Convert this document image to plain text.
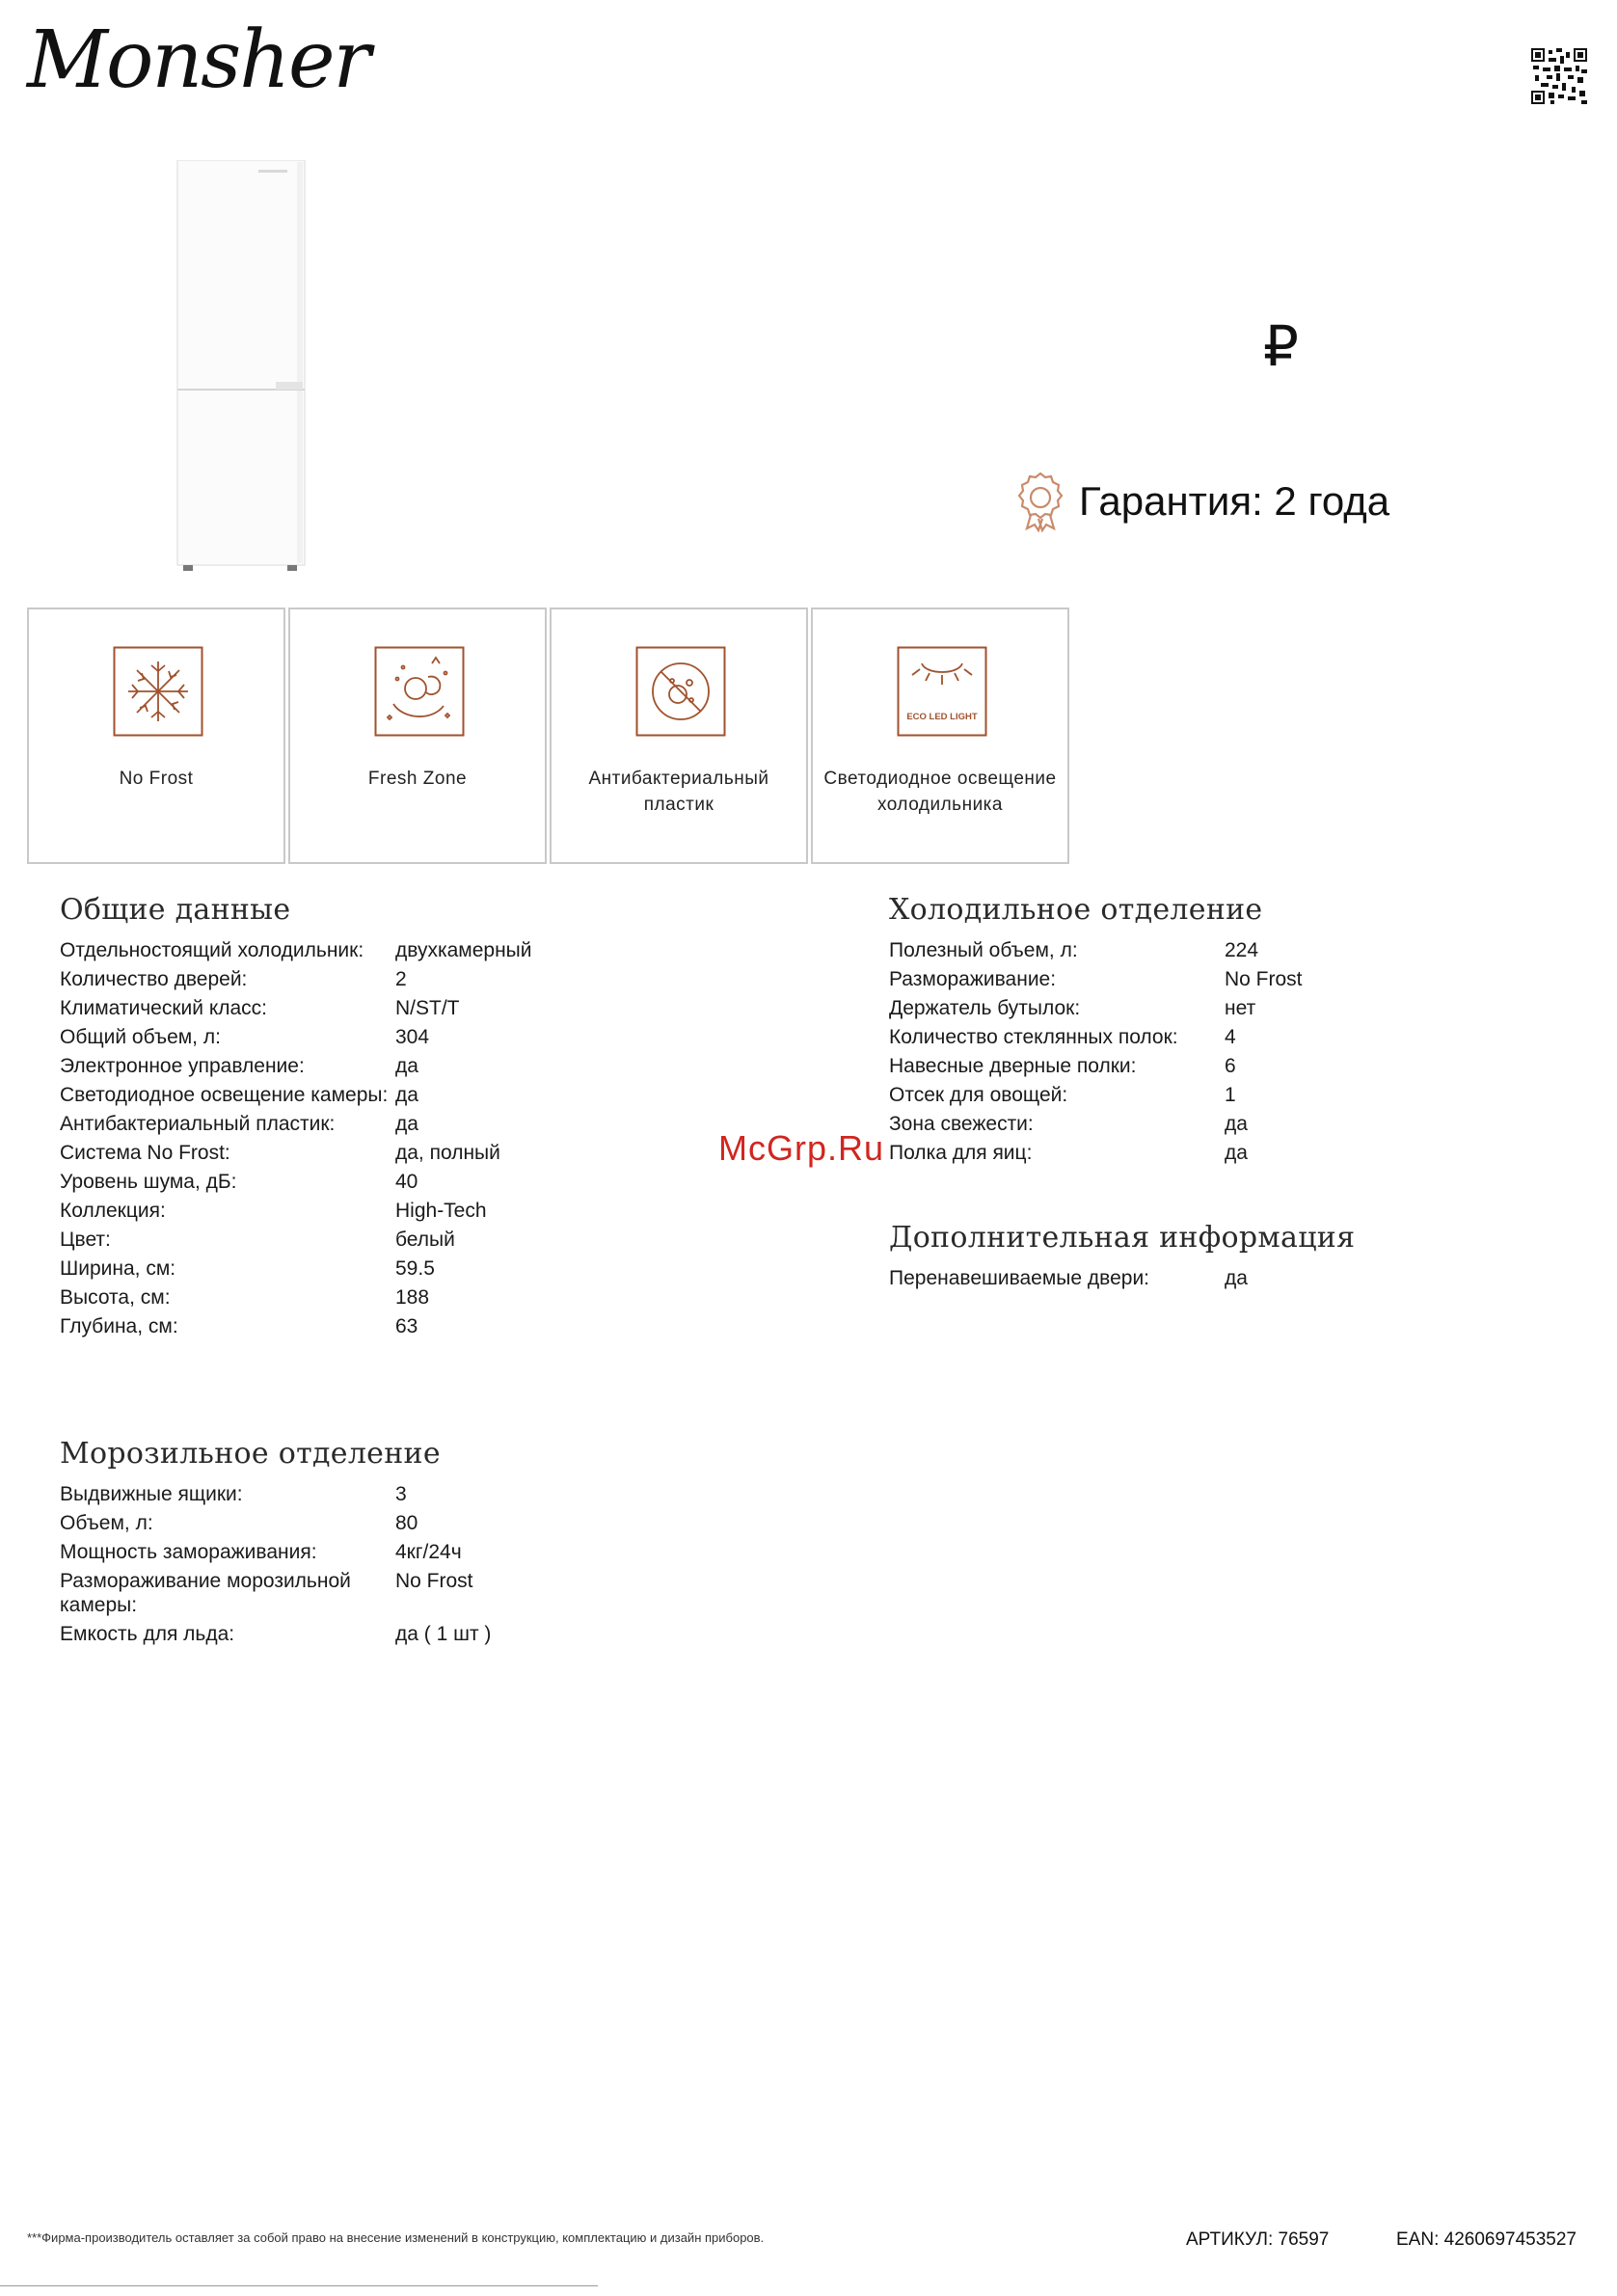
Monsher
₽
Гарантия: 2 года
No Frost	Fresh Zone	Антибактериальный пластик
ECO LED LIGHT
Светодиодное освещение холодильника
Общие данные
Отдельностоящий холодильник:	двухкамерный
Количество дверей:	2
Климатический класс:	N/ST/T
Общий объем, л:	304
Электронное управление:	да
Светодиодное освещение камеры: да
Антибактериальный пластик:	да
Система No Frost:	да, полный
Уровень шума, дБ:	40
Коллекция:	High-Tech
Цвет:	белый
Ширина, см:	59.5
Высота, см:	188
Глубина, см:	63
Морозильное отделение
Выдвижные ящики:	3
Объем, л:	80
Мощность замораживания:	4кг/24ч
Размораживание морозильной камеры:
No Frost
Емкость для льда:	да ( 1 шт )
Холодильное отделение
Полезный объем, л:	224
Размораживание:	No Frost
Держатель бутылок:	нет
Количество стеклянных полок:	4
Навесные дверные полки:	6
Отсек для овощей:	1
Зона свежести:	да
Полка для яиц:	да
Дополнительная информация
Перенавешиваемые двери:	да
McGrp.Ru
***Фирма-производитель оставляет за собой право на внесение изменений в конструкцию, комплектацию и дизайн приборов.	АРТИКУЛ: 76597	EAN: 4260697453527
